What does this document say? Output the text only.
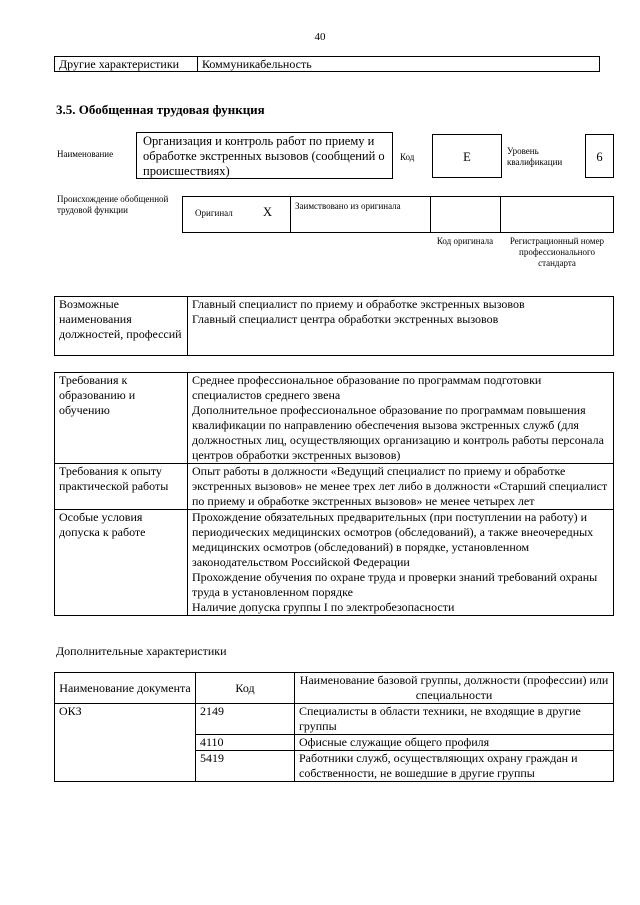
40
Другие характеристики	Коммуникабельность
3.5. Обобщенная трудовая функция
Наименование
Организация и контроль работ по приему и обработке экстренных вызовов (сообщений о происшествиях)
Код	Е	Уровень квалификации	6
Происхождение обобщенной трудовой функции	Оригинал Х	Заимствовано из оригинала
Код оригинала	Регистрационный номер профессионального стандарта
Возможные наименования должностей, профессий	
Главный специалист по приему и обработке экстренных вызовов
Главный специалист центра обработки экстренных вызовов
Требования к образованию и обучению	Среднее профессиональное образование по программам подготовки специалистов среднего звена
Дополнительное профессиональное образование по программам повышения квалификации по направлению обеспечения вызова экстренных служб (для должностных лиц, осуществляющих организацию и контроль работы персонала центров обработки экстренных вызовов)

Требования к опыту практической работы	Опыт работы в должности «Ведущий специалист по приему и обработке экстренных вызовов» не менее трех лет либо в должности «Старший специалист по приему и обработке экстренных вызовов» не менее четырех лет

Особые условия допуска к работе	Прохождение обязательных предварительных (при поступлении на работу) и периодических медицинских осмотров (обследований), а также внеочередных медицинских осмотров (обследований) в порядке, установленном законодательством Российской Федерации
Прохождение обучения по охране труда и проверки знаний требований охраны труда в установленном порядке
Наличие допуска группы I по электробезопасности
Дополнительные характеристики
Наименование документа	Код	Наименование базовой группы, должности (профессии) или специальности
ОКЗ	2149	Специалисты в области техники, не входящие в другие группы
	4110	Офисные служащие общего профиля
	5419	Работники служб, осуществляющих охрану граждан и собственности, не вошедшие в другие группы
